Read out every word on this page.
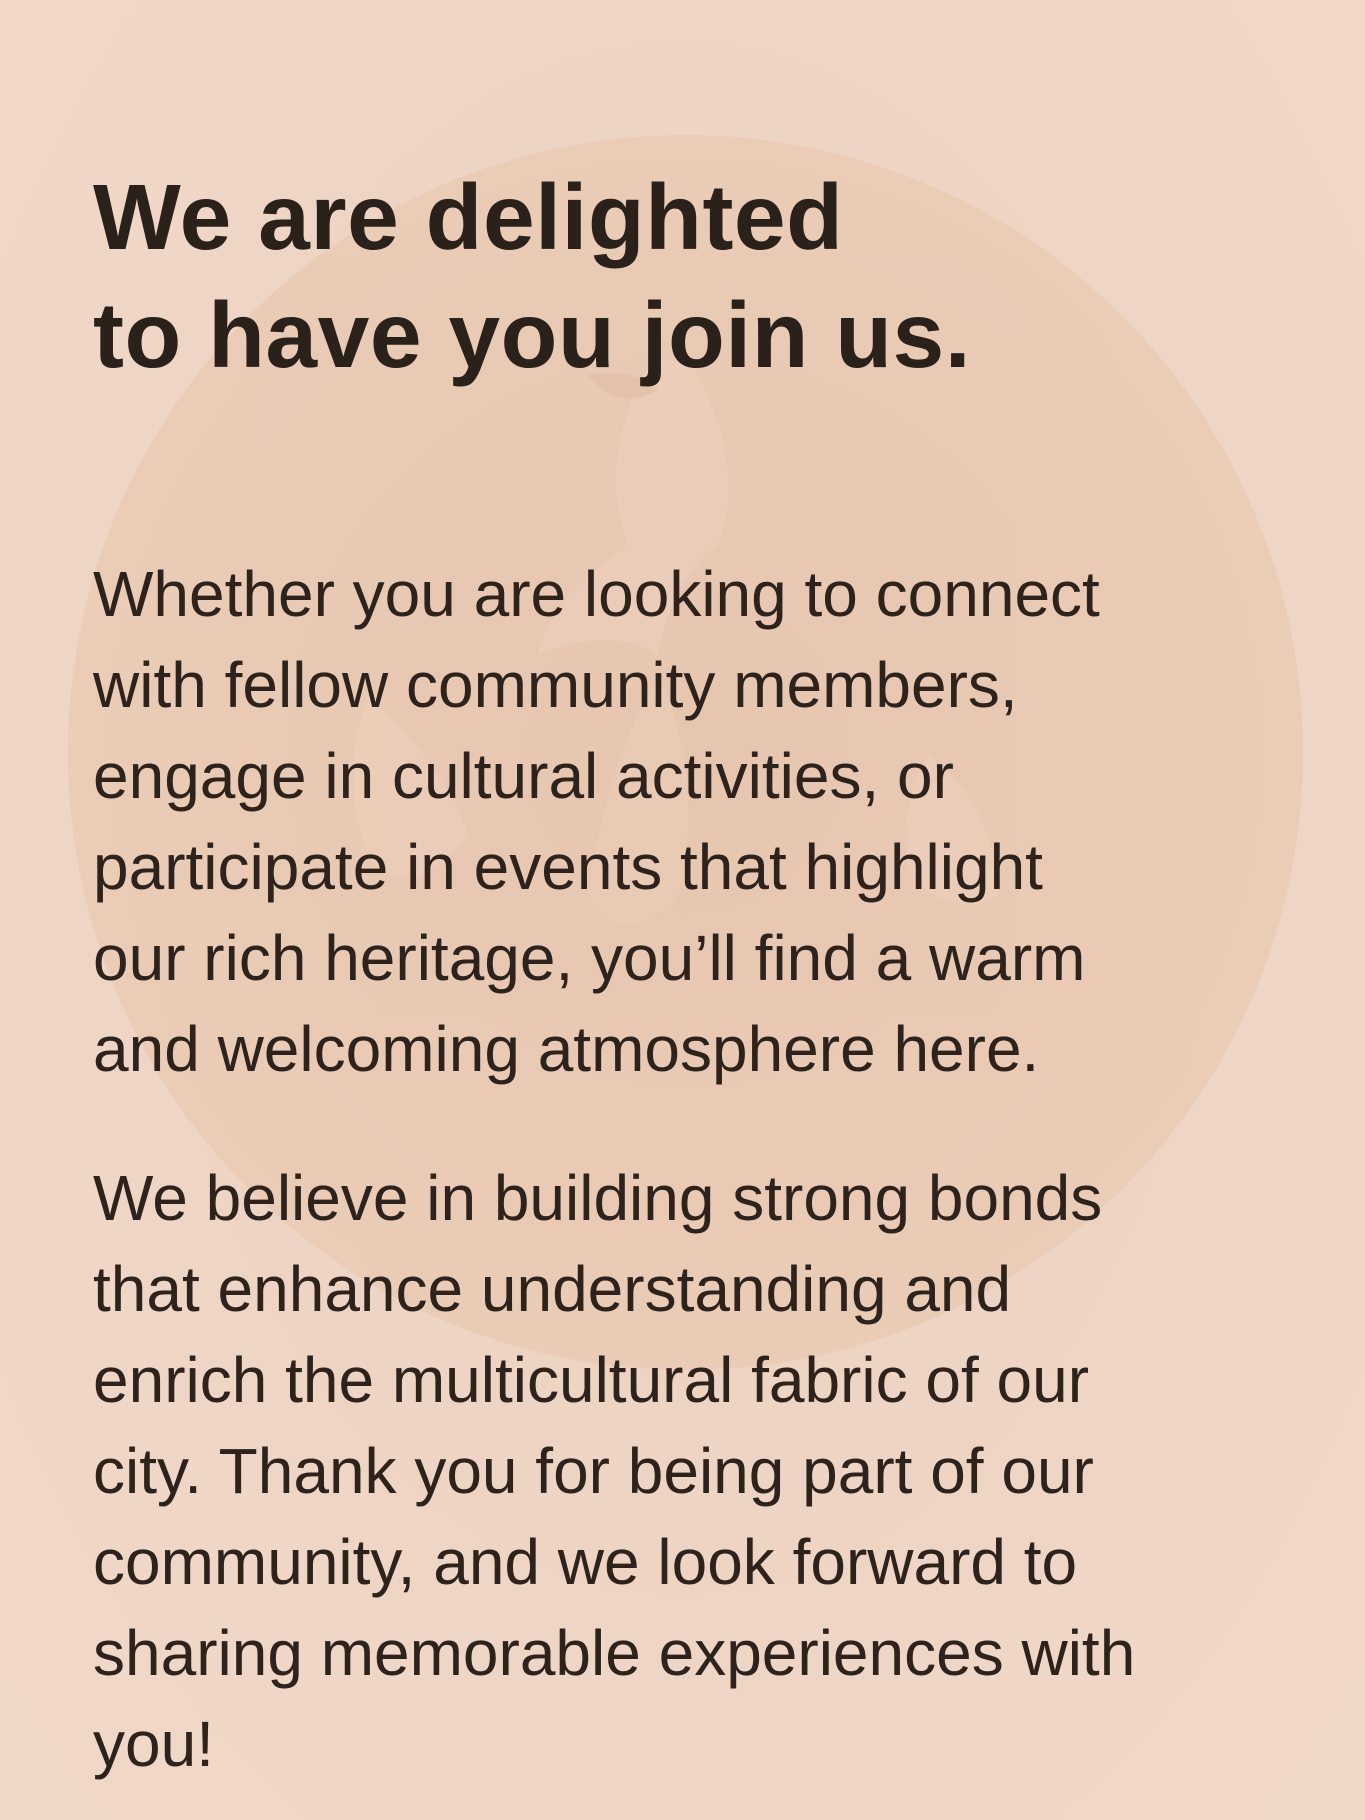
We are delighted
to have you join us.

Whether you are looking to connect
with fellow community members,
engage in cultural activities, or
participate in events that highlight
our rich heritage, you’ll find a warm
and welcoming atmosphere here.

We believe in building strong bonds
that enhance understanding and
enrich the multicultural fabric of our
city. Thank you for being part of our
community, and we look forward to
sharing memorable experiences with
you!
